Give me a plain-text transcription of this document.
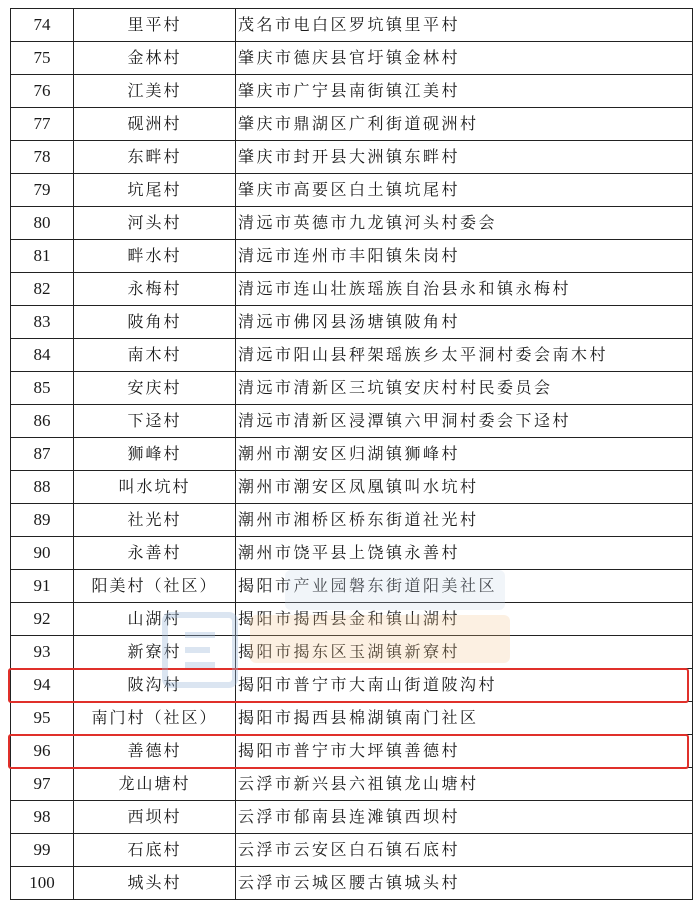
74	里平村	茂名市电白区罗坑镇里平村
75	金林村	肇庆市德庆县官圩镇金林村
76	江美村	肇庆市广宁县南街镇江美村
77	砚洲村	肇庆市鼎湖区广利街道砚洲村
78	东畔村	肇庆市封开县大洲镇东畔村
79	坑尾村	肇庆市高要区白土镇坑尾村
80	河头村	清远市英德市九龙镇河头村委会
81	畔水村	清远市连州市丰阳镇朱岗村
82	永梅村	清远市连山壮族瑶族自治县永和镇永梅村
83	陂角村	清远市佛冈县汤塘镇陂角村
84	南木村	清远市阳山县秤架瑶族乡太平洞村委会南木村
85	安庆村	清远市清新区三坑镇安庆村村民委员会
86	下迳村	清远市清新区浸潭镇六甲洞村委会下迳村
87	狮峰村	潮州市潮安区归湖镇狮峰村
88	叫水坑村	潮州市潮安区凤凰镇叫水坑村
89	社光村	潮州市湘桥区桥东街道社光村
90	永善村	潮州市饶平县上饶镇永善村
91	阳美村（社区）	揭阳市产业园磐东街道阳美社区
92	山湖村	揭阳市揭西县金和镇山湖村
93	新寮村	揭阳市揭东区玉湖镇新寮村
94	陂沟村	揭阳市普宁市大南山街道陂沟村
95	南门村（社区）	揭阳市揭西县棉湖镇南门社区
96	善德村	揭阳市普宁市大坪镇善德村
97	龙山塘村	云浮市新兴县六祖镇龙山塘村
98	西坝村	云浮市郁南县连滩镇西坝村
99	石底村	云浮市云安区白石镇石底村
100	城头村	云浮市云城区腰古镇城头村
